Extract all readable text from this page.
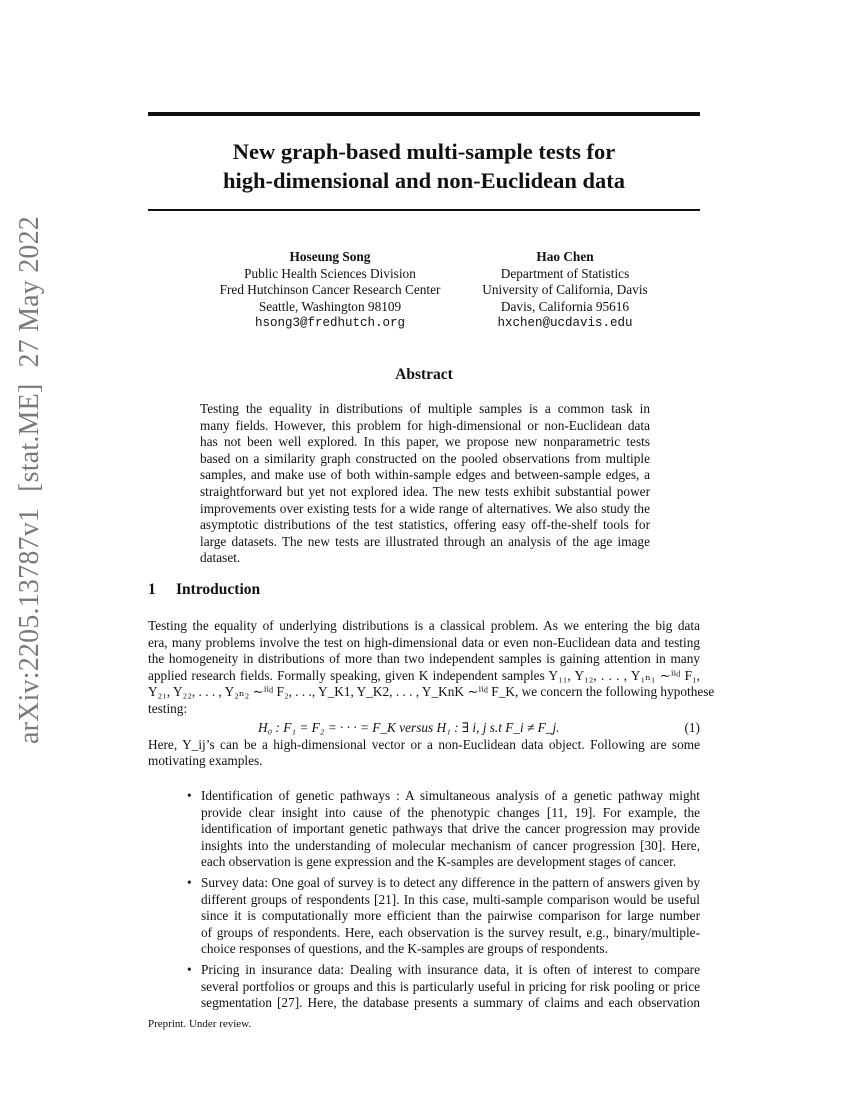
arXiv:2205.13787v1[stat.ME]27 May 2022
New graph-based multi-sample tests for
high-dimensional and non-Euclidean data
Hoseung Song
Public Health Sciences Division
Fred Hutchinson Cancer Research Center
Seattle, Washington 98109
hsong3@fredhutch.org
Hao Chen
Department of Statistics
University of California, Davis
Davis, California 95616
hxchen@ucdavis.edu
Abstract
Testing the equality in distributions of multiple samples is a common task in
many fields. However, this problem for high-dimensional or non-Euclidean data
has not been well explored. In this paper, we propose new nonparametric tests
based on a similarity graph constructed on the pooled observations from multiple
samples, and make use of both within-sample edges and between-sample edges, a
straightforward but yet not explored idea. The new tests exhibit substantial power
improvements over existing tests for a wide range of alternatives. We also study the
asymptotic distributions of the test statistics, offering easy off-the-shelf tools for
large datasets. The new tests are illustrated through an analysis of the age image
dataset.
1 Introduction
Testing the equality of underlying distributions is a classical problem. As we entering the big data
era, many problems involve the test on high-dimensional data or even non-Euclidean data and testing
the homogeneity in distributions of more than two independent samples is gaining attention in many
applied research fields. Formally speaking, given K independent samples Y₁₁, Y₁₂, . . . , Y₁ₙ₁ ∼ⁱⁱᵈ F₁,
Y₂₁, Y₂₂, . . . , Y₂ₙ₂ ∼ⁱⁱᵈ F₂, . . ., Y_K1, Y_K2, . . . , Y_KnK ∼ⁱⁱᵈ F_K, we concern the following hypothese
testing:
H₀ : F₁ = F₂ = · · · = F_K versus H₁ : ∃ i, j s.t F_i ≠ F_j.	(1)
Here, Y_ij’s can be a high-dimensional vector or a non-Euclidean data object. Following are some
motivating examples.
• Identification of genetic pathways : A simultaneous analysis of a genetic pathway might
provide clear insight into cause of the phenotypic changes [11, 19]. For example, the
identification of important genetic pathways that drive the cancer progression may provide
insights into the understanding of molecular mechanism of cancer progression [30]. Here,
each observation is gene expression and the K-samples are development stages of cancer.
• Survey data: One goal of survey is to detect any difference in the pattern of answers given by
different groups of respondents [21]. In this case, multi-sample comparison would be useful
since it is computationally more efficient than the pairwise comparison for large number
of groups of respondents. Here, each observation is the survey result, e.g., binary/multiple-
choice responses of questions, and the K-samples are groups of respondents.
• Pricing in insurance data: Dealing with insurance data, it is often of interest to compare
several portfolios or groups and this is particularly useful in pricing for risk pooling or price
segmentation [27]. Here, the database presents a summary of claims and each observation
Preprint. Under review.
